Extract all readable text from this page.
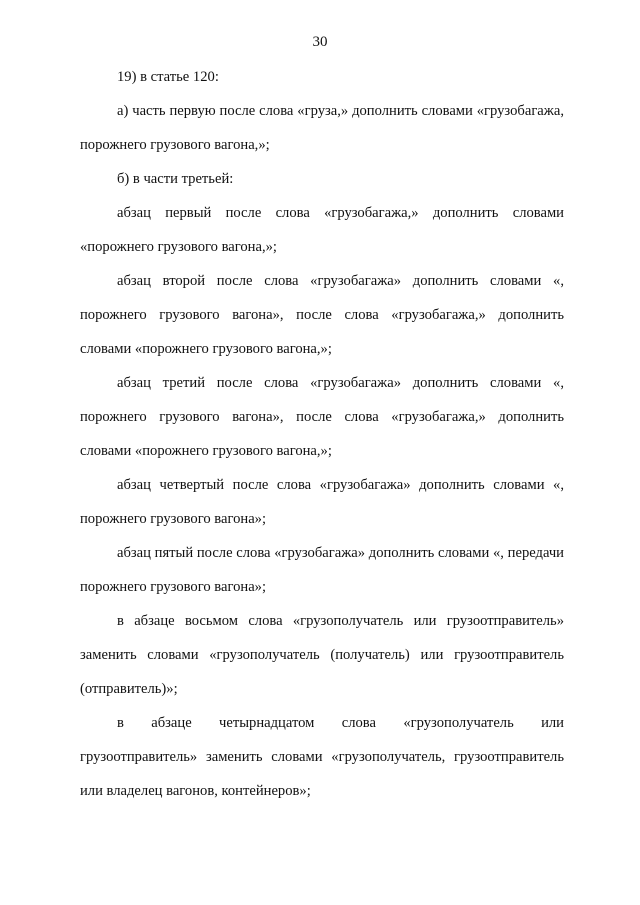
30

19) в статье 120:

а) часть первую после слова «груза,» дополнить словами «грузобагажа, порожнего грузового вагона,»;

б) в части третьей:

абзац первый после слова «грузобагажа,» дополнить словами «порожнего грузового вагона,»;

абзац второй после слова «грузобагажа» дополнить словами «, порожнего грузового вагона», после слова «грузобагажа,» дополнить словами «порожнего грузового вагона,»;

абзац третий после слова «грузобагажа» дополнить словами «, порожнего грузового вагона», после слова «грузобагажа,» дополнить словами «порожнего грузового вагона,»;

абзац четвертый после слова «грузобагажа» дополнить словами «, порожнего грузового вагона»;

абзац пятый после слова «грузобагажа» дополнить словами «, передачи порожнего грузового вагона»;

в абзаце восьмом слова «грузополучатель или грузоотправитель» заменить словами «грузополучатель (получатель) или грузоотправитель (отправитель)»;

в абзаце четырнадцатом слова «грузополучатель или грузоотправитель» заменить словами «грузополучатель, грузоотправитель или владелец вагонов, контейнеров»;
